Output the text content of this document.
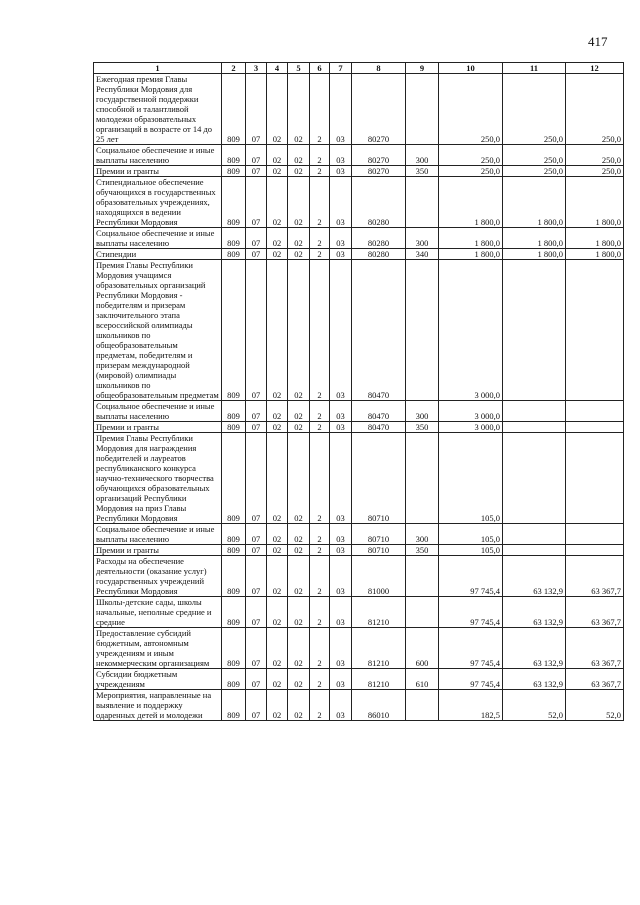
417
1	2	3	4	5	6	7	8	9	10	11	12
Ежегодная премия Главы Республики Мордовия для государственной поддержки способной и талантливой молодежи образовательных организаций в возрасте от 14 до 25 лет	809	07	02	02	2	03	80270		250,0	250,0	250,0
Социальное обеспечение и иные выплаты населению	809	07	02	02	2	03	80270	300	250,0	250,0	250,0
Премии и гранты	809	07	02	02	2	03	80270	350	250,0	250,0	250,0
Стипендиальное обеспечение обучающихся в государственных образовательных учреждениях, находящихся в ведении Республики Мордовия	809	07	02	02	2	03	80280		1 800,0	1 800,0	1 800,0
Социальное обеспечение и иные выплаты населению	809	07	02	02	2	03	80280	300	1 800,0	1 800,0	1 800,0
Стипендии	809	07	02	02	2	03	80280	340	1 800,0	1 800,0	1 800,0
Премия Главы Республики Мордовия учащимся образовательных организаций Республики Мордовия - победителям и призерам заключительного этапа всероссийской олимпиады школьников по общеобразовательным предметам, победителям и призерам международной (мировой) олимпиады школьников по общеобразовательным предметам	809	07	02	02	2	03	80470		3 000,0		
Социальное обеспечение и иные выплаты населению	809	07	02	02	2	03	80470	300	3 000,0		
Премии и гранты	809	07	02	02	2	03	80470	350	3 000,0		
Премия Главы Республики Мордовия для награждения победителей и лауреатов республиканского конкурса научно-технического творчества обучающихся образовательных организаций Республики Мордовия на приз Главы Республики Мордовия	809	07	02	02	2	03	80710		105,0		
Социальное обеспечение и иные выплаты населению	809	07	02	02	2	03	80710	300	105,0		
Премии и гранты	809	07	02	02	2	03	80710	350	105,0		
Расходы на обеспечение деятельности (оказание услуг) государственных учреждений Республики Мордовия	809	07	02	02	2	03	81000		97 745,4	63 132,9	63 367,7
Школы-детские сады, школы начальные, неполные средние и средние	809	07	02	02	2	03	81210		97 745,4	63 132,9	63 367,7
Предоставление субсидий бюджетным, автономным учреждениям и иным некоммерческим организациям	809	07	02	02	2	03	81210	600	97 745,4	63 132,9	63 367,7
Субсидии бюджетным учреждениям	809	07	02	02	2	03	81210	610	97 745,4	63 132,9	63 367,7
Мероприятия, направленные на выявление и поддержку одаренных детей и молодежи	809	07	02	02	2	03	86010		182,5	52,0	52,0
